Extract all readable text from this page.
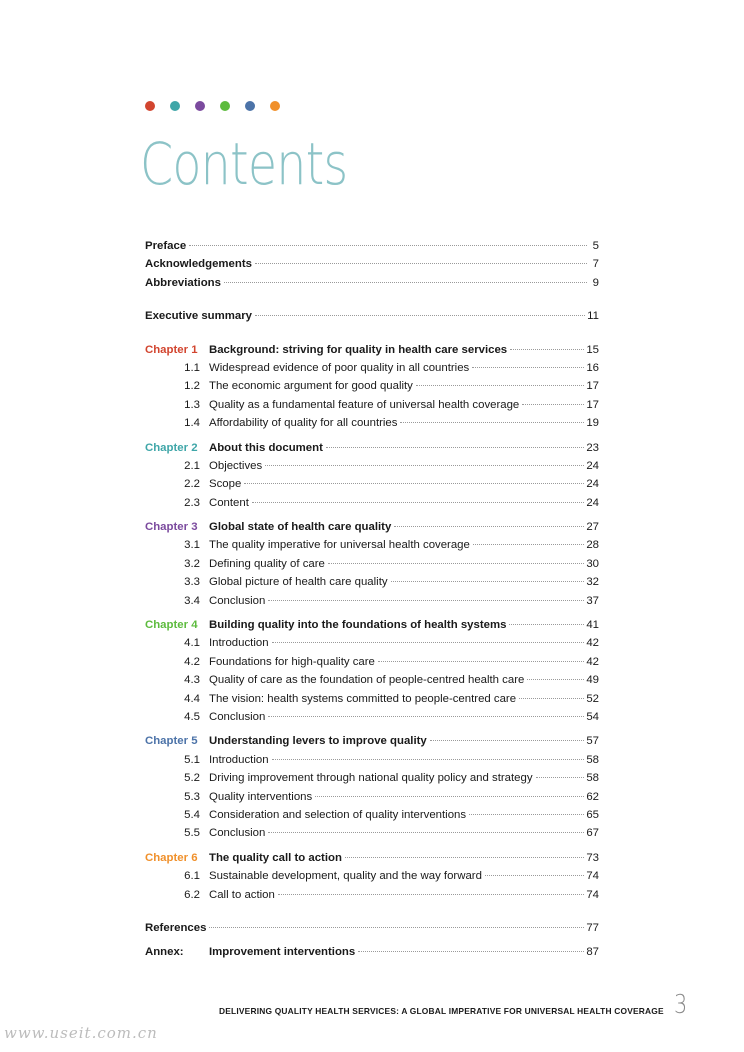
Contents
Preface	5
Acknowledgements	7
Abbreviations	9
Executive summary	11
Chapter 1	Background: striving for quality in health care services	15
1.1 Widespread evidence of poor quality in all countries	16
1.2 The economic argument for good quality	17
1.3 Quality as a fundamental feature of universal health coverage	17
1.4 Affordability of quality for all countries	19
Chapter 2	About this document	23
2.1 Objectives	24
2.2 Scope	24
2.3 Content	24
Chapter 3	Global state of health care quality	27
3.1 The quality imperative for universal health coverage	28
3.2 Defining quality of care	30
3.3 Global picture of health care quality	32
3.4 Conclusion	37
Chapter 4	Building quality into the foundations of health systems	41
4.1 Introduction	42
4.2 Foundations for high-quality care	42
4.3 Quality of care as the foundation of people-centred health care	49
4.4 The vision: health systems committed to people-centred care	52
4.5 Conclusion	54
Chapter 5	Understanding levers to improve quality	57
5.1 Introduction	58
5.2 Driving improvement through national quality policy and strategy	58
5.3 Quality interventions	62
5.4 Consideration and selection of quality interventions	65
5.5 Conclusion	67
Chapter 6	The quality call to action	73
6.1 Sustainable development, quality and the way forward	74
6.2 Call to action	74
References	77
Annex:	Improvement interventions	87
DELIVERING QUALITY HEALTH SERVICES: A GLOBAL IMPERATIVE FOR UNIVERSAL HEALTH COVERAGE 3
www.useit.com.cn
